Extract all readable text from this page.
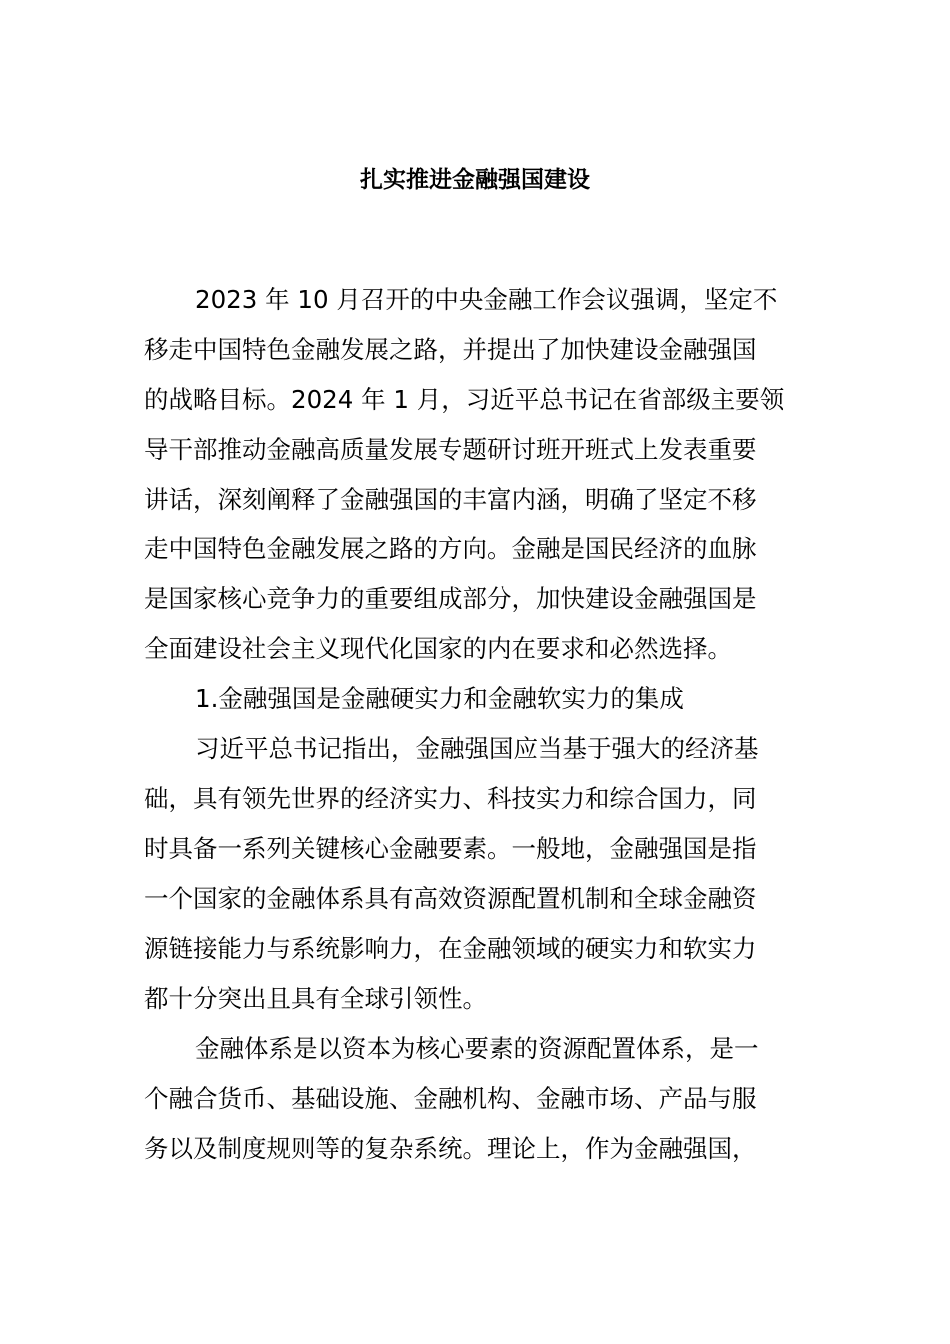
扎实推进金融强国建设

2023 年 10 月召开的中央金融工作会议强调，坚定不

移走中国特色金融发展之路，并提出了加快建设金融强国

的战略目标。2024 年 1 月，习近平总书记在省部级主要领

导干部推动金融高质量发展专题研讨班开班式上发表重要

讲话，深刻阐释了金融强国的丰富内涵，明确了坚定不移

走中国特色金融发展之路的方向。金融是国民经济的血脉

是国家核心竞争力的重要组成部分，加快建设金融强国是

全面建设社会主义现代化国家的内在要求和必然选择。

1.金融强国是金融硬实力和金融软实力的集成

习近平总书记指出，金融强国应当基于强大的经济基

础，具有领先世界的经济实力、科技实力和综合国力，同

时具备一系列关键核心金融要素。一般地，金融强国是指

一个国家的金融体系具有高效资源配置机制和全球金融资

源链接能力与系统影响力，在金融领域的硬实力和软实力

都十分突出且具有全球引领性。

金融体系是以资本为核心要素的资源配置体系，是一

个融合货币、基础设施、金融机构、金融市场、产品与服

务以及制度规则等的复杂系统。理论上，作为金融强国，
